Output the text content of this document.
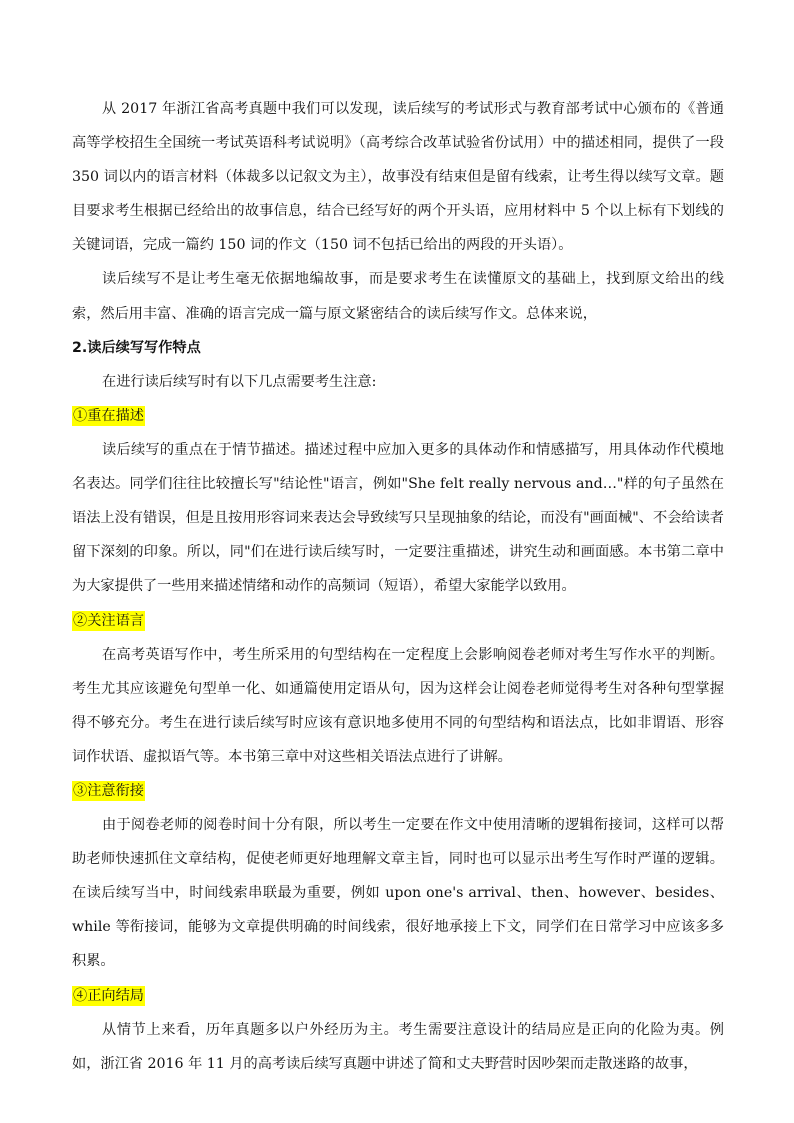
从 2017 年浙江省高考真题中我们可以发现，读后续写的考试形式与教育部考试中心颁布的《普通高等学校招生全国统一考试英语科考试说明》（高考综合改革试验省份试用）中的描述相同，提供了一段 350 词以内的语言材料（体裁多以记叙文为主），故事没有结束但是留有线索，让考生得以续写文章。题目要求考生根据已经给出的故事信息，结合已经写好的两个开头语，应用材料中 5 个以上标有下划线的关键词语，完成一篇约 150 词的作文（150 词不包括已给出的两段的开头语）。

读后续写不是让考生毫无依据地编故事，而是要求考生在读懂原文的基础上，找到原文给出的线索，然后用丰富、准确的语言完成一篇与原文紧密结合的读后续写作文。总体来说，

2.读后续写写作特点

在进行读后续写时有以下几点需要考生注意:

①重在描述

读后续写的重点在于情节描述。描述过程中应加入更多的具体动作和情感描写，用具体动作代模地名表达。同学们往往比较擅长写"结论性"语言，例如"She felt really nervous and…"样的句子虽然在语法上没有错误，但是且按用形容词来表达会导致续写只呈现抽象的结论，而没有"画面械"、不会给读者留下深刻的印象。所以，同"们在进行读后续写时，一定要注重描述，讲究生动和画面感。本书第二章中为大家提供了一些用来描述情绪和动作的高频词（短语），希望大家能学以致用。

②关注语言

在高考英语写作中，考生所采用的句型结构在一定程度上会影响阅卷老师对考生写作水平的判断。考生尤其应该避免句型单一化、如通篇使用定语从句，因为这样会让阅卷老师觉得考生对各种句型掌握得不够充分。考生在进行读后续写时应该有意识地多使用不同的句型结构和语法点，比如非谓语、形容词作状语、虚拟语气等。本书第三章中对这些相关语法点进行了讲解。

③注意衔接

由于阅卷老师的阅卷时间十分有限，所以考生一定要在作文中使用清晰的逻辑衔接词，这样可以帮助老师快速抓住文章结构，促使老师更好地理解文章主旨，同时也可以显示出考生写作时严谨的逻辑。在读后续写当中，时间线索串联最为重要，例如 upon one's arrival、then、however、besides、while 等衔接词，能够为文章提供明确的时间线索，很好地承接上下文，同学们在日常学习中应该多多积累。

④正向结局

从情节上来看，历年真题多以户外经历为主。考生需要注意设计的结局应是正向的化险为夷。例如，浙江省 2016 年 11 月的高考读后续写真题中讲述了简和丈夫野营时因吵架而走散迷路的故事，
